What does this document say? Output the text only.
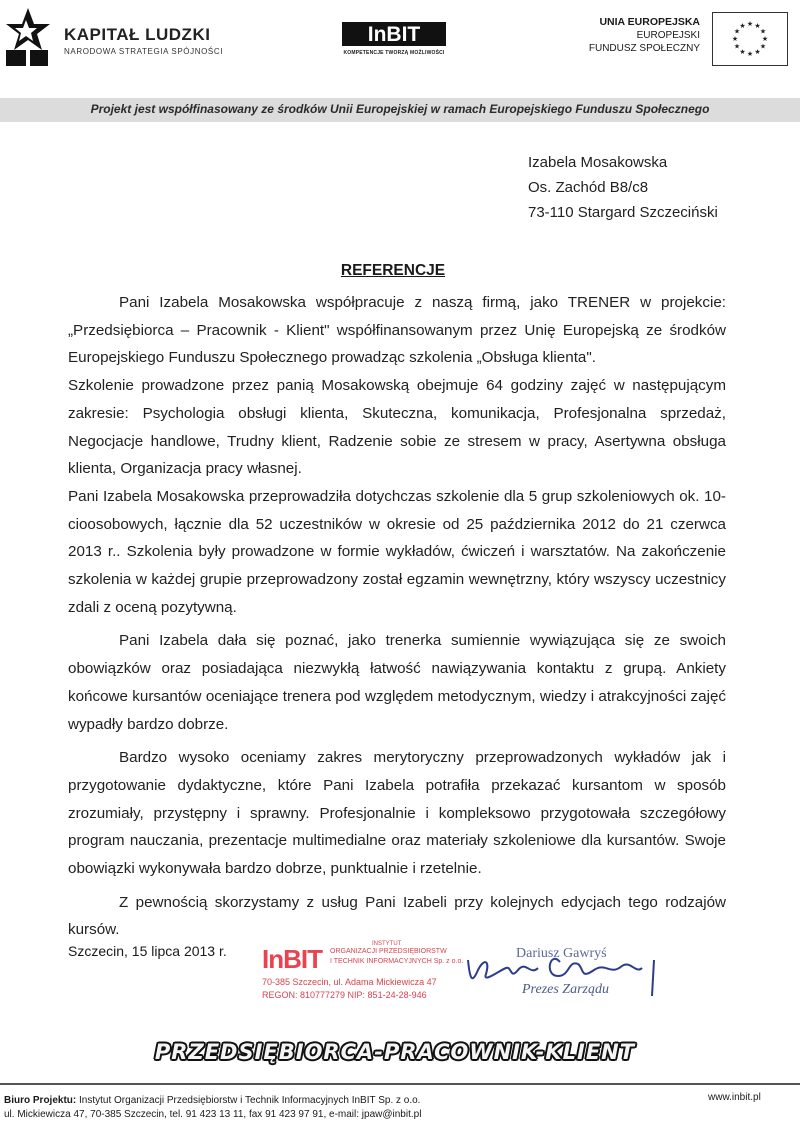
KAPITAŁ LUDZKI
NARODOWA STRATEGIA SPÓJNOŚCI
InBIT
KOMPETENCJE TWORZĄ MOŻLIWOŚCI
UNIA EUROPEJSKA
EUROPEJSKI
FUNDUSZ SPOŁECZNY
★ ★
★
★
★
★
★
★
★
★
★
★
Projekt jest współfinasowany ze środków Unii Europejskiej w ramach Europejskiego Funduszu Społecznego
Izabela Mosakowska
Os. Zachód B8/c8
73-110 Stargard Szczeciński
REFERENCJE

Pani Izabela Mosakowska współpracuje z naszą firmą, jako TRENER w projekcie: „Przedsiębiorca – Pracownik - Klient" współfinansowanym przez Unię Europejską ze środków Europejskiego Funduszu Społecznego prowadząc szkolenia „Obsługa klienta".

Szkolenie prowadzone przez panią Mosakowską obejmuje 64 godziny zajęć w następującym zakresie: Psychologia obsługi klienta, Skuteczna, komunikacja, Profesjonalna sprzedaż, Negocjacje handlowe, Trudny klient, Radzenie sobie ze stresem w pracy, Asertywna obsługa klienta, Organizacja pracy własnej.

Pani Izabela Mosakowska przeprowadziła dotychczas szkolenie dla 5 grup szkoleniowych ok. 10-cioosobowych, łącznie dla 52 uczestników w okresie od 25 października 2012 do 21 czerwca 2013 r.. Szkolenia były prowadzone w formie wykładów, ćwiczeń i warsztatów. Na zakończenie szkolenia w każdej grupie przeprowadzony został egzamin wewnętrzny, który wszyscy uczestnicy zdali z oceną pozytywną.

Pani Izabela dała się poznać, jako trenerka sumiennie wywiązująca się ze swoich obowiązków oraz posiadająca niezwykłą łatwość nawiązywania kontaktu z grupą. Ankiety końcowe kursantów oceniające trenera pod względem metodycznym, wiedzy i atrakcyjności zajęć wypadły bardzo dobrze.

Bardzo wysoko oceniamy zakres merytoryczny przeprowadzonych wykładów jak i przygotowanie dydaktyczne, które Pani Izabela potrafiła przekazać kursantom w sposób zrozumiały, przystępny i sprawny. Profesjonalnie i kompleksowo przygotowała szczegółowy program nauczania, prezentacje multimedialne oraz materiały szkoleniowe dla kursantów. Swoje obowiązki wykonywała bardzo dobrze, punktualnie i rzetelnie.

Z pewnością skorzystamy z usług Pani Izabeli przy kolejnych edycjach tego rodzajów kursów.

Szczecin, 15 lipca 2013 r. InBIT	INSTYTUT
ORGANIZACJI PRZEDSIĘBIORSTW
I TECHNIK INFORMACYJNYCH Sp. z o.o.
70-385 Szczecin, ul. Adama Mickiewicza 47
REGON: 810777279 NIP: 851-24-28-946
Dariusz Gawryś
Prezes Zarządu
PRZEDSIĘBIORCA-PRACOWNIK-KLIENT
Biuro Projektu: Instytut Organizacji Przedsiębiorstw i Technik Informacyjnych InBIT Sp. z o.o.
ul. Mickiewicza 47, 70-385 Szczecin, tel. 91 423 13 11, fax 91 423 97 91, e-mail: jpaw@inbit.pl
www.inbit.pl
